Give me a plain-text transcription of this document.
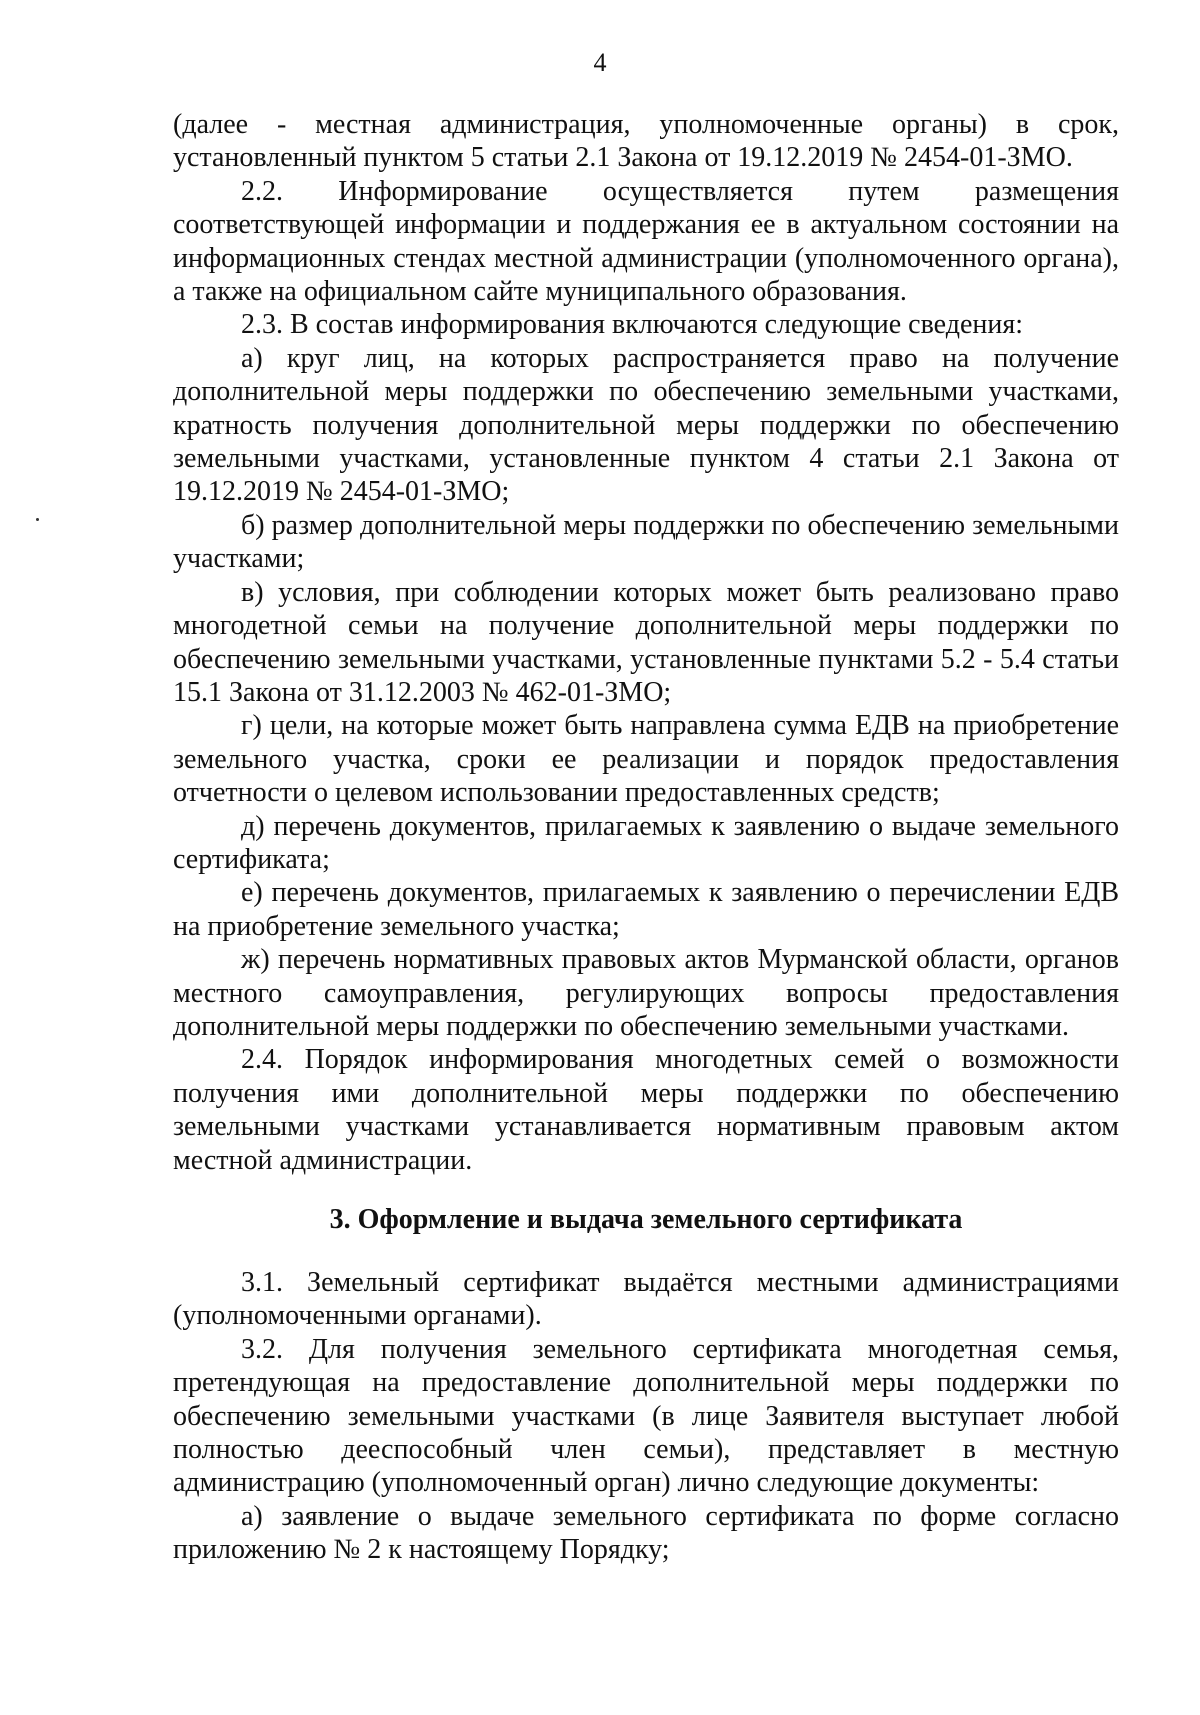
4

(далее - местная администрация, уполномоченные органы) в срок, установленный пунктом 5 статьи 2.1 Закона от 19.12.2019 № 2454-01-ЗМО.

2.2. Информирование осуществляется путем размещения соответствующей информации и поддержания ее в актуальном состоянии на информационных стендах местной администрации (уполномоченного органа), а также на официальном сайте муниципального образования.

2.3. В состав информирования включаются следующие сведения:

а) круг лиц, на которых распространяется право на получение дополнительной меры поддержки по обеспечению земельными участками, кратность получения дополнительной меры поддержки по обеспечению земельными участками, установленные пунктом 4 статьи 2.1 Закона от 19.12.2019 № 2454-01-ЗМО;

б) размер дополнительной меры поддержки по обеспечению земельными участками;

в) условия, при соблюдении которых может быть реализовано право многодетной семьи на получение дополнительной меры поддержки по обеспечению земельными участками, установленные пунктами 5.2 - 5.4 статьи 15.1 Закона от 31.12.2003 № 462-01-ЗМО;

г) цели, на которые может быть направлена сумма ЕДВ на приобретение земельного участка, сроки ее реализации и порядок предоставления отчетности о целевом использовании предоставленных средств;

д) перечень документов, прилагаемых к заявлению о выдаче земельного сертификата;

е) перечень документов, прилагаемых к заявлению о перечислении ЕДВ на приобретение земельного участка;

ж) перечень нормативных правовых актов Мурманской области, органов местного самоуправления, регулирующих вопросы предоставления дополнительной меры поддержки по обеспечению земельными участками.

2.4. Порядок информирования многодетных семей о возможности получения ими дополнительной меры поддержки по обеспечению земельными участками устанавливается нормативным правовым актом местной администрации.

3. Оформление и выдача земельного сертификата

3.1. Земельный сертификат выдаётся местными администрациями (уполномоченными органами).

3.2. Для получения земельного сертификата многодетная семья, претендующая на предоставление дополнительной меры поддержки по обеспечению земельными участками (в лице Заявителя выступает любой полностью дееспособный член семьи), представляет в местную администрацию (уполномоченный орган) лично следующие документы:

а) заявление о выдаче земельного сертификата по форме согласно приложению № 2 к настоящему Порядку;
